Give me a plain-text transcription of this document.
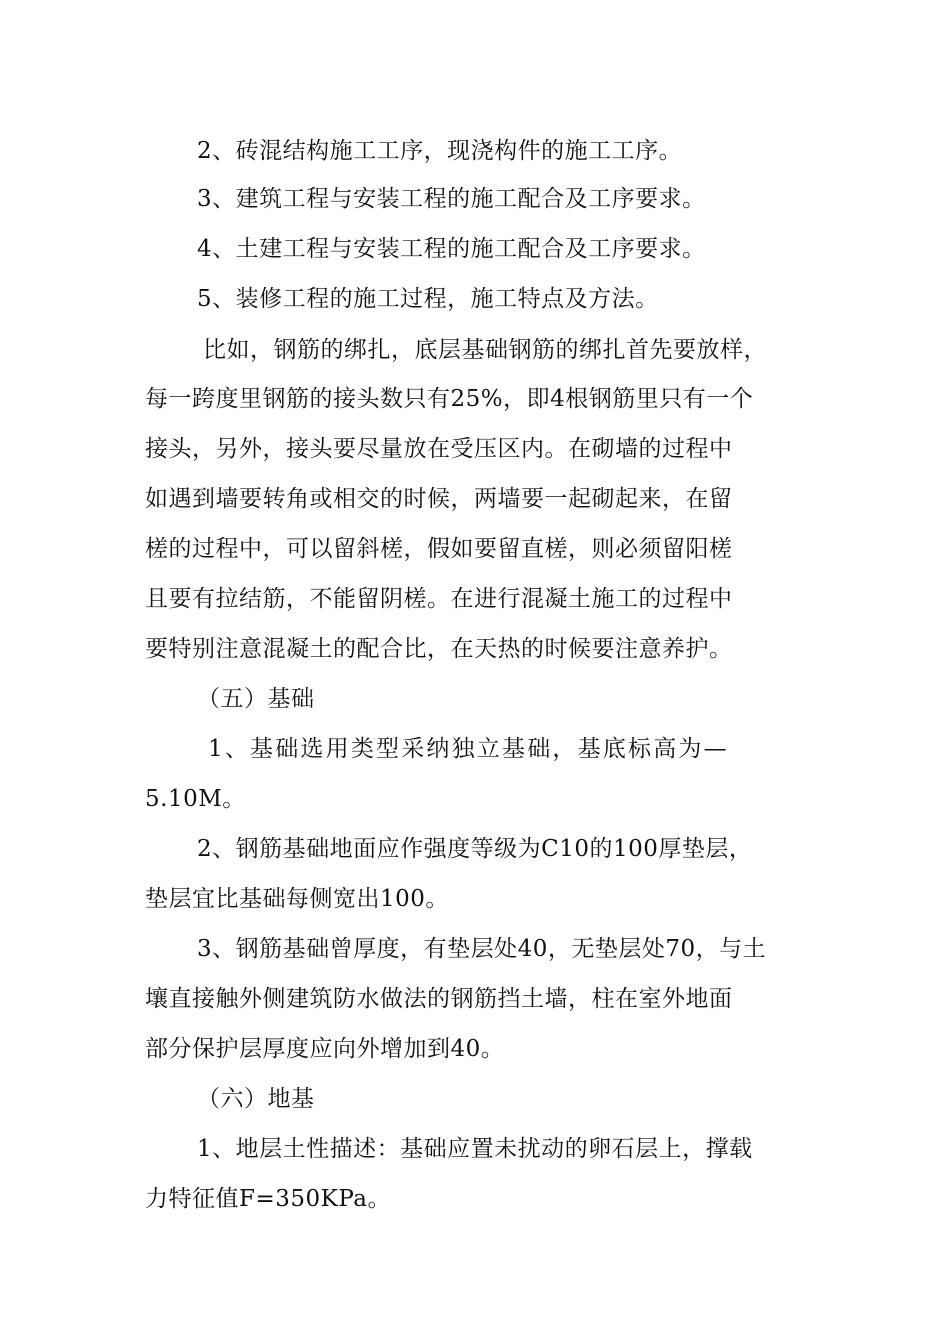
2、砖混结构施工工序，现浇构件的施工工序。
3、建筑工程与安装工程的施工配合及工序要求。
4、土建工程与安装工程的施工配合及工序要求。
5、装修工程的施工过程，施工特点及方法。
比如，钢筋的绑扎，底层基础钢筋的绑扎首先要放样，
每一跨度里钢筋的接头数只有25%，即4根钢筋里只有一个
接头，另外，接头要尽量放在受压区内。在砌墙的过程中
如遇到墙要转角或相交的时候，两墙要一起砌起来，在留
槎的过程中，可以留斜槎，假如要留直槎，则必须留阳槎
且要有拉结筋，不能留阴槎。在进行混凝土施工的过程中
要特别注意混凝土的配合比，在天热的时候要注意养护。
（五）基础
1、基础选用类型采纳独立基础，基底标高为—
5.10M。
2、钢筋基础地面应作强度等级为C10的100厚垫层，
垫层宜比基础每侧宽出100。
3、钢筋基础曾厚度，有垫层处40，无垫层处70，与土
壤直接触外侧建筑防水做法的钢筋挡土墙，柱在室外地面
部分保护层厚度应向外增加到40。
（六）地基
1、地层土性描述：基础应置未扰动的卵石层上，撑载
力特征值F=350KPa。
